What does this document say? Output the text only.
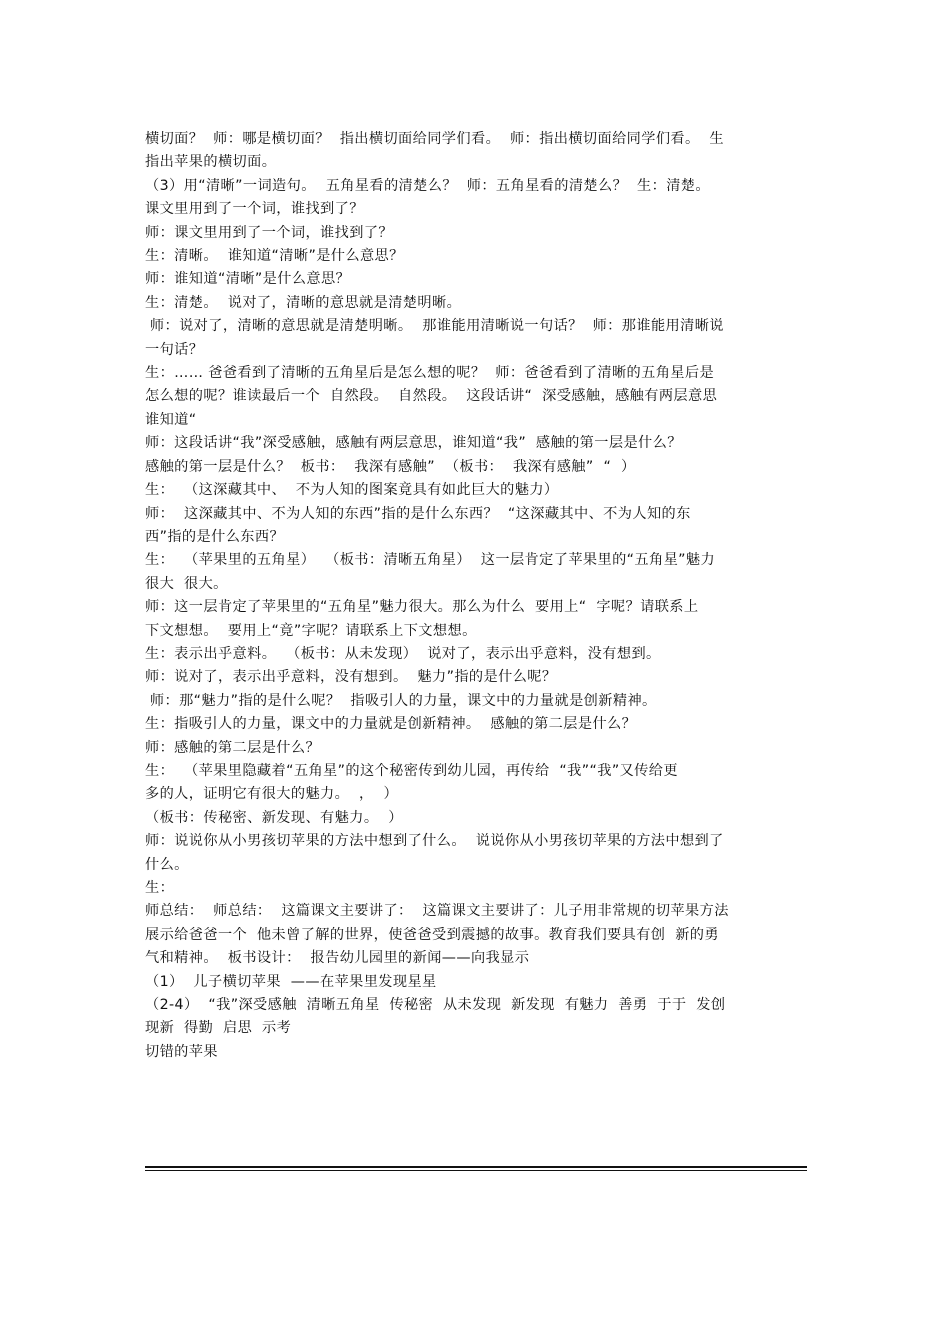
横切面？  师：哪是横切面？  指出横切面给同学们看。  师：指出横切面给同学们看。  生
指出苹果的横切面。
（3）用“清晰”一词造句。  五角星看的清楚么？  师：五角星看的清楚么？  生：清楚。
课文里用到了一个词，谁找到了？
师：课文里用到了一个词，谁找到了？
生：清晰。  谁知道“清晰”是什么意思？
师：谁知道“清晰”是什么意思？
生：清楚。  说对了，清晰的意思就是清楚明晰。
师：说对了，清晰的意思就是清楚明晰。  那谁能用清晰说一句话？  师：那谁能用清晰说
一句话？
生：…… 爸爸看到了清晰的五角星后是怎么想的呢？  师：爸爸看到了清晰的五角星后是
怎么想的呢？谁读最后一个  自然段。  自然段。  这段话讲“  深受感触，感触有两层意思
谁知道“
师：这段话讲“我”深受感触，感触有两层意思，谁知道“我”  感触的第一层是什么？
感触的第一层是什么？  板书：  我深有感触”  （板书：  我深有感触”  “  ）
生：  （这深藏其中、  不为人知的图案竟具有如此巨大的魅力）
师：  这深藏其中、不为人知的东西”指的是什么东西？  “这深藏其中、不为人知的东
西”指的是什么东西？
生：  （苹果里的五角星）  （板书：清晰五角星）  这一层肯定了苹果里的“五角星”魅力
很大  很大。
师：这一层肯定了苹果里的“五角星”魅力很大。那么为什么  要用上“  字呢？请联系上
下文想想。  要用上“竟”字呢？请联系上下文想想。
生：表示出乎意料。  （板书：从未发现）  说对了，表示出乎意料，没有想到。
师：说对了，表示出乎意料，没有想到。  魅力”指的是什么呢？
师：那“魅力”指的是什么呢？  指吸引人的力量，课文中的力量就是创新精神。
生：指吸引人的力量，课文中的力量就是创新精神。  感触的第二层是什么？
师：感触的第二层是什么？
生：  （苹果里隐藏着“五角星”的这个秘密传到幼儿园，再传给  “我”“我”又传给更
多的人，证明它有很大的魅力。  ，  ）
（板书：传秘密、新发现、有魅力。  ）
师：说说你从小男孩切苹果的方法中想到了什么。  说说你从小男孩切苹果的方法中想到了
什么。
生：
师总结：  师总结：  这篇课文主要讲了：  这篇课文主要讲了：儿子用非常规的切苹果方法
展示给爸爸一个  他未曾了解的世界，使爸爸受到震撼的故事。教育我们要具有创  新的勇
气和精神。  板书设计：  报告幼儿园里的新闻——向我显示
（1）  儿子横切苹果  ——在苹果里发现星星
（2-4）  “我”深受感触  清晰五角星  传秘密  从未发现  新发现  有魅力  善勇  于于  发创
现新  得勤  启思  示考
切错的苹果
